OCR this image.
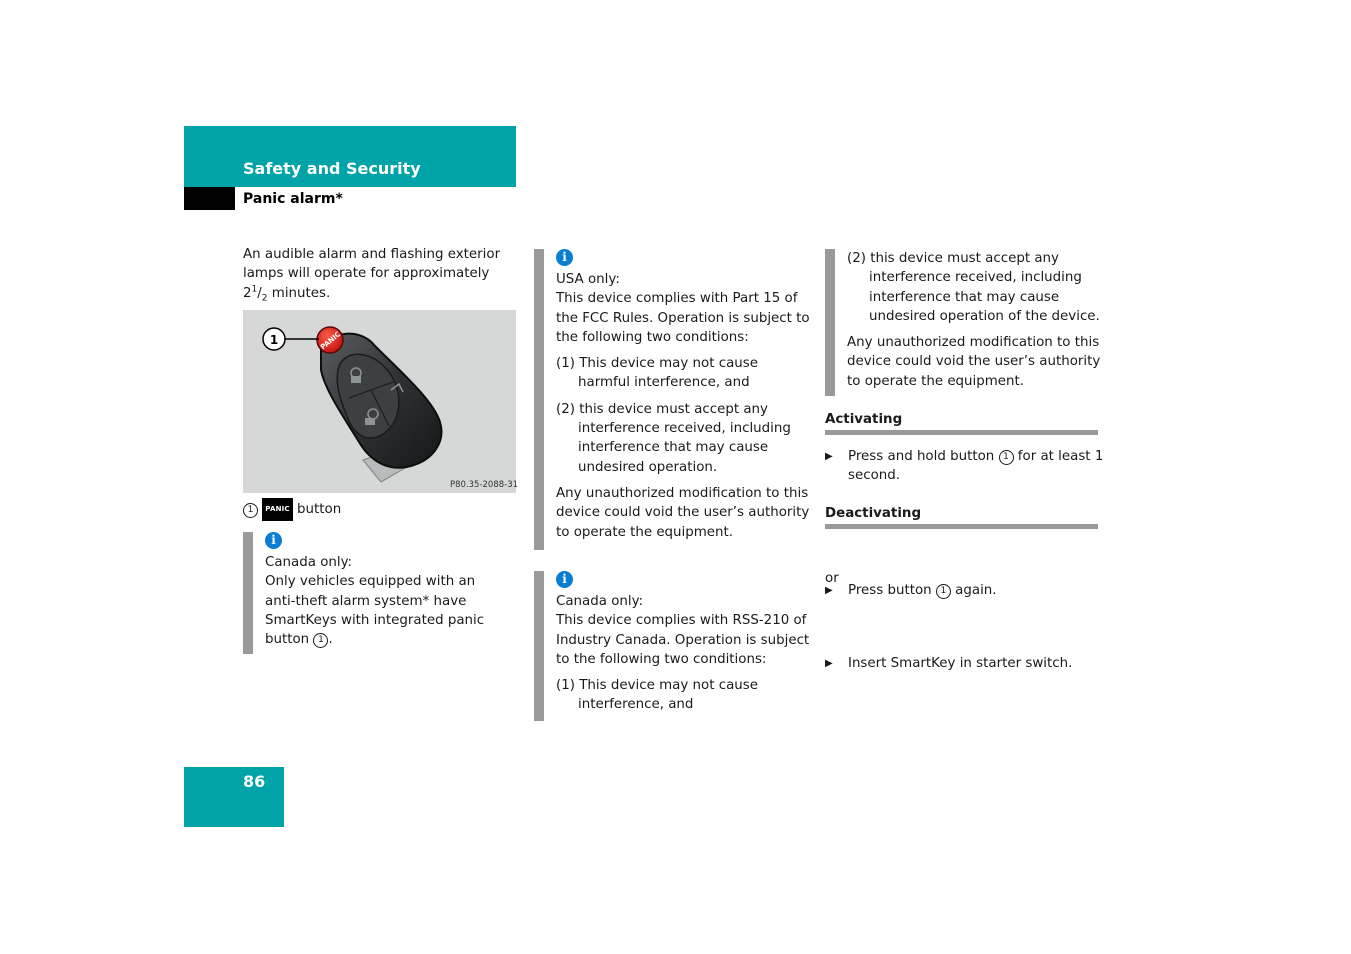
Safety and Security
Panic alarm*
An audible alarm and flashing exterior
lamps will operate for approximately
$2^1/_2$ minutes.
PANIC
1
P80.35-2088-31
1 PANIC button
i

Canada only:

Only vehicles equipped with an

anti-theft alarm system* have

SmartKeys with integrated panic

button 1 .

i

USA only:

This device complies with Part 15 of the FCC Rules. Operation is subject to the following two conditions:

(1) This device may not cause harmful interference, and

(2) this device must accept any interference received, including interference that may cause undesired operation.

Any unauthorized modification to this device could void the user’s authority to operate the equipment.

i

Canada only:

This device complies with RSS-210 of Industry Canada. Operation is subject to the following two conditions:

(1) This device may not cause interference, and

(2) this device must accept any interference received, including interference that may cause undesired operation of the device.

Any unauthorized modification to this device could void the user’s authority to operate the equipment.

Activating
▶ Press and hold button 1 for at least 1 second.
Deactivating
▶ Press button 1 again.
or
▶ Insert SmartKey in starter switch.
86
